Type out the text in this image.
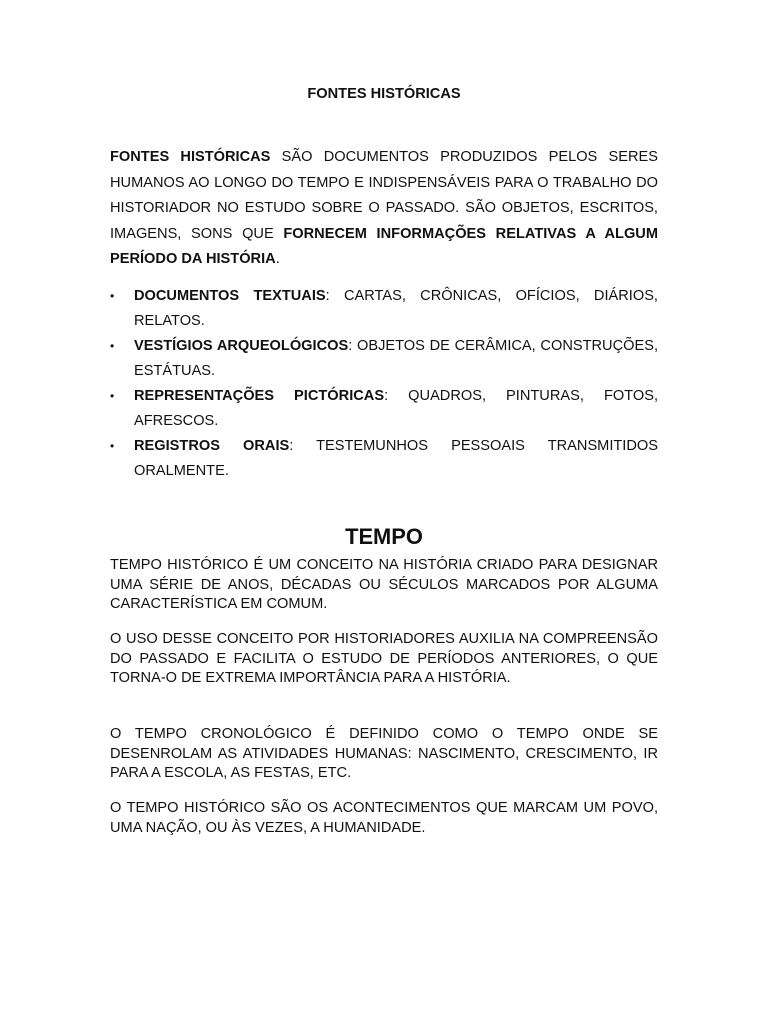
FONTES HISTÓRICAS

FONTES HISTÓRICAS SÃO DOCUMENTOS PRODUZIDOS PELOS SERES HUMANOS AO LONGO DO TEMPO E INDISPENSÁVEIS PARA O TRABALHO DO HISTORIADOR NO ESTUDO SOBRE O PASSADO. SÃO OBJETOS, ESCRITOS, IMAGENS, SONS QUE FORNECEM INFORMAÇÕES RELATIVAS A ALGUM PERÍODO DA HISTÓRIA.

•	DOCUMENTOS TEXTUAIS: CARTAS, CRÔNICAS, OFÍCIOS, DIÁRIOS, RELATOS.
•	VESTÍGIOS ARQUEOLÓGICOS: OBJETOS DE CERÂMICA, CONSTRUÇÕES, ESTÁTUAS.
•	REPRESENTAÇÕES PICTÓRICAS: QUADROS, PINTURAS, FOTOS, AFRESCOS.
•	REGISTROS ORAIS: TESTEMUNHOS PESSOAIS TRANSMITIDOS ORALMENTE.
TEMPO

TEMPO HISTÓRICO É UM CONCEITO NA HISTÓRIA CRIADO PARA DESIGNAR UMA SÉRIE DE ANOS, DÉCADAS OU SÉCULOS MARCADOS POR ALGUMA CARACTERÍSTICA EM COMUM.

O USO DESSE CONCEITO POR HISTORIADORES AUXILIA NA COMPREENSÃO DO PASSADO E FACILITA O ESTUDO DE PERÍODOS ANTERIORES, O QUE TORNA-O DE EXTREMA IMPORTÂNCIA PARA A HISTÓRIA.

O TEMPO CRONOLÓGICO É DEFINIDO COMO O TEMPO ONDE SE DESENROLAM AS ATIVIDADES HUMANAS: NASCIMENTO, CRESCIMENTO, IR PARA A ESCOLA, AS FESTAS, ETC.

O TEMPO HISTÓRICO SÃO OS ACONTECIMENTOS QUE MARCAM UM POVO, UMA NAÇÃO, OU ÀS VEZES, A HUMANIDADE.
